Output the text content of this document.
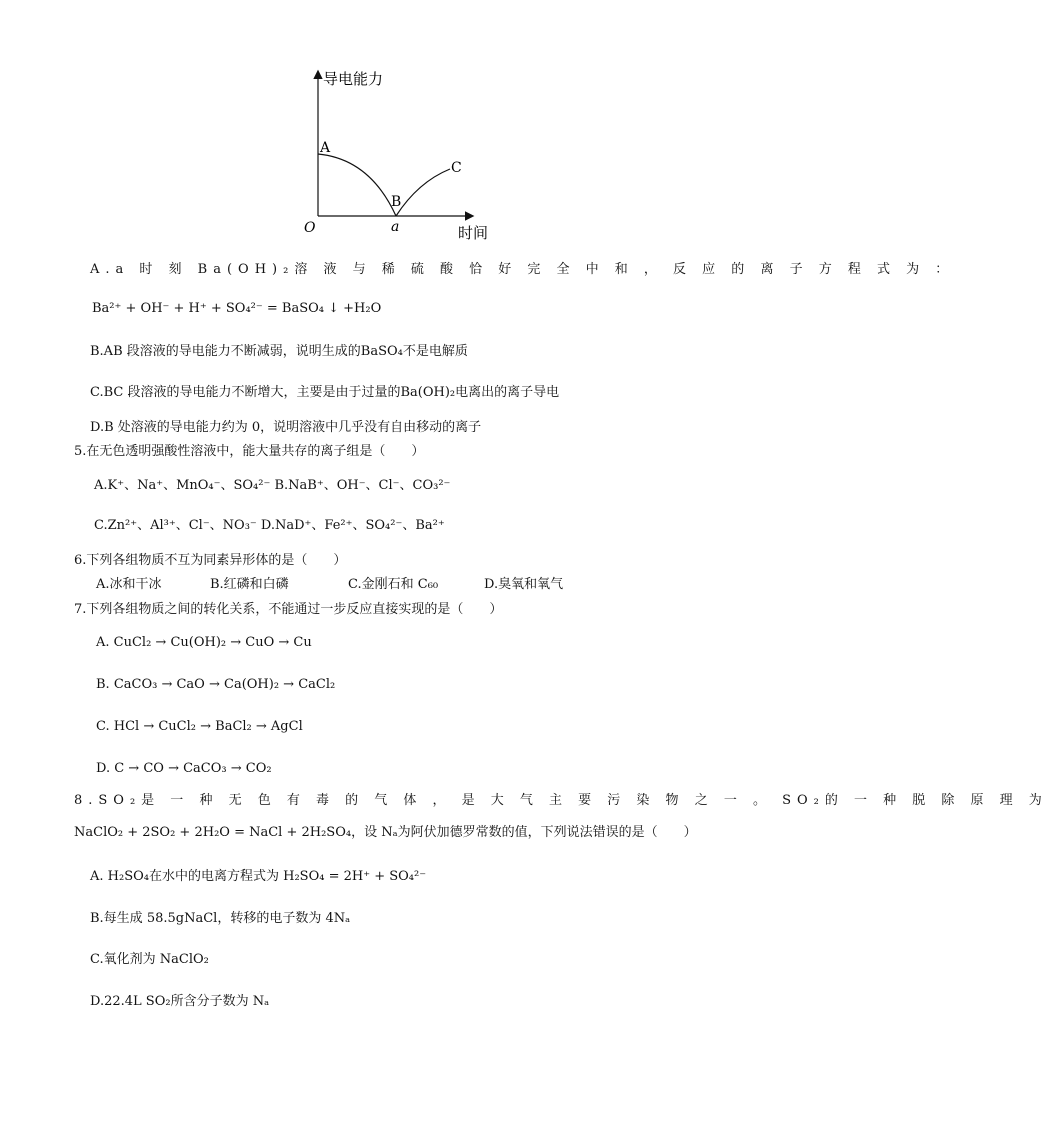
导电能力
时间
O	a
A
B
C
A.a 时 刻 Ba(OH)₂溶 液 与 稀 硫 酸 恰 好 完 全 中 和 ， 反 应 的 离 子 方 程 式 为 ：
Ba²⁺ + OH⁻ + H⁺ + SO₄²⁻ = BaSO₄ ↓ +H₂O
B.AB 段溶液的导电能力不断减弱，说明生成的BaSO₄不是电解质
C.BC 段溶液的导电能力不断增大，主要是由于过量的Ba(OH)₂电离出的离子导电
D.B 处溶液的导电能力约为 0，说明溶液中几乎没有自由移动的离子
5.在无色透明强酸性溶液中，能大量共存的离子组是（　　）
A.K⁺、Na⁺、MnO₄⁻、SO₄²⁻ B.NaB⁺、OH⁻、Cl⁻、CO₃²⁻
C.Zn²⁺、Al³⁺、Cl⁻、NO₃⁻ D.NaD⁺、Fe²⁺、SO₄²⁻、Ba²⁺
6.下列各组物质不互为同素异形体的是（　　）
A.冰和干冰	B.红磷和白磷	C.金刚石和 C₆₀	D.臭氧和氧气
7.下列各组物质之间的转化关系，不能通过一步反应直接实现的是（　　）
A. CuCl₂ → Cu(OH)₂ → CuO → Cu
B. CaCO₃ → CaO → Ca(OH)₂ → CaCl₂
C. HCl → CuCl₂ → BaCl₂ → AgCl
D. C → CO → CaCO₃ → CO₂
8.SO₂是 一 种 无 色 有 毒 的 气 体 ， 是 大 气 主 要 污 染 物 之 一 。 SO₂的 一 种 脱 除 原 理 为
NaClO₂ + 2SO₂ + 2H₂O = NaCl + 2H₂SO₄，设 Nₐ为阿伏加德罗常数的值，下列说法错误的是（　　）
A. H₂SO₄在水中的电离方程式为 H₂SO₄ = 2H⁺ + SO₄²⁻
B.每生成 58.5gNaCl，转移的电子数为 4Nₐ
C.氧化剂为 NaClO₂
D.22.4L SO₂所含分子数为 Nₐ
